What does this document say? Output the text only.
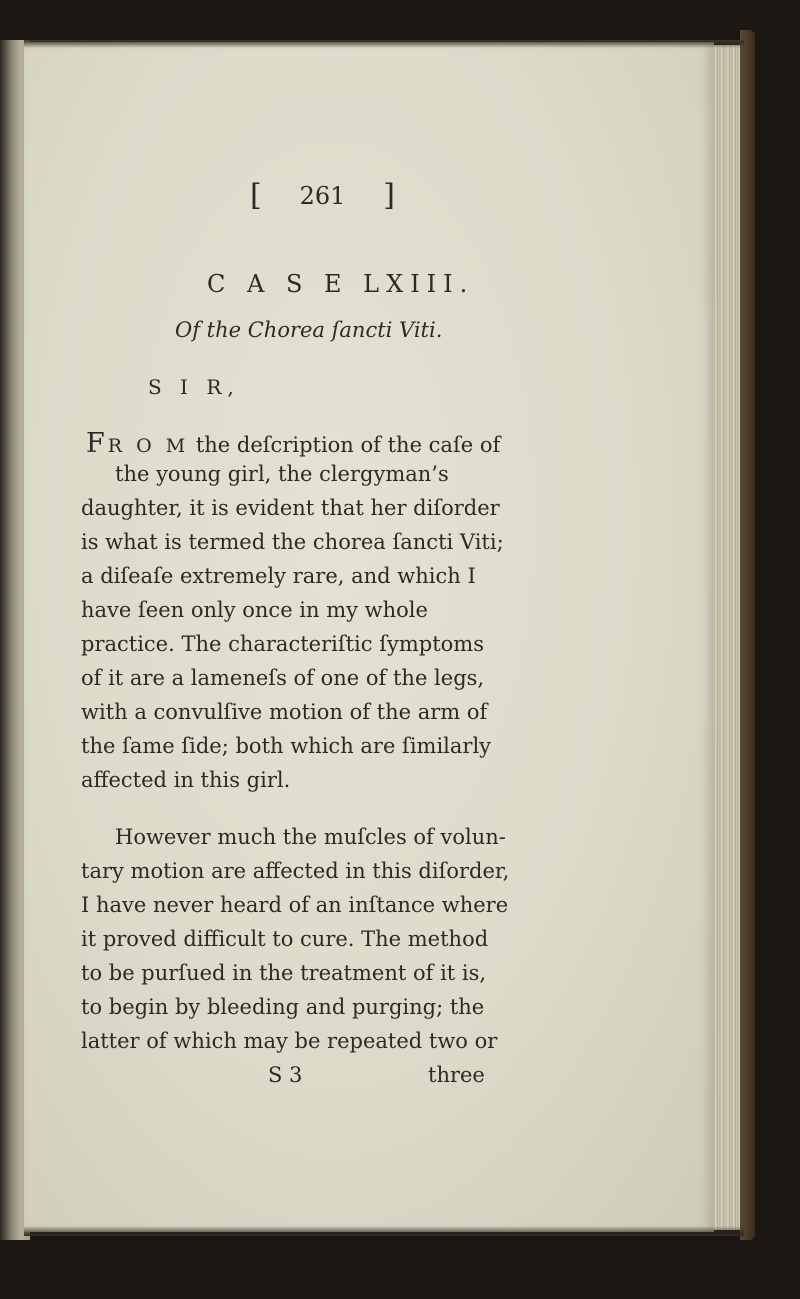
[ 261 ]
C A S E LXIII.
Of the Chorea ſancti Viti.
S I R,
FR O M the deſcription of the caſe of
the young girl, the clergyman’s
daughter, it is evident that her diſorder
is what is termed the chorea ſancti Viti;
a diſeaſe extremely rare, and which I
have ſeen only once in my whole
practice. The characteriſtic ſymptoms
of it are a lameneſs of one of the legs,
with a convulſive motion of the arm of
the ſame ſide; both which are ſimilarly
affected in this girl.
However much the muſcles of volun-
tary motion are affected in this diſorder,
I have never heard of an inſtance where
it proved difficult to cure. The method
to be purſued in the treatment of it is,
to begin by bleeding and purging; the
latter of which may be repeated two or
S 3	three
